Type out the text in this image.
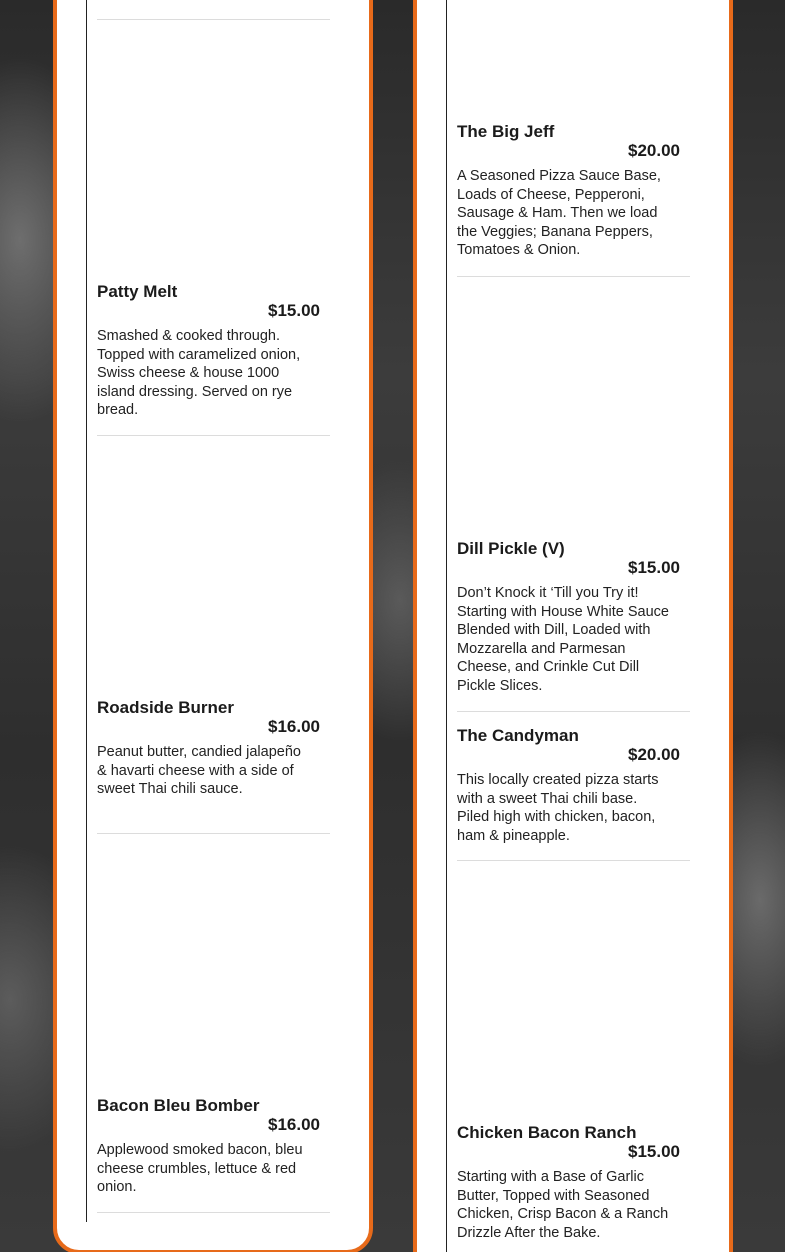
Patty Melt
$15.00
Smashed & cooked through. Topped with caramelized onion, Swiss cheese & house 1000 island dressing. Served on rye bread.
Roadside Burner
$16.00
Peanut butter, candied jalapeño & havarti cheese with a side of sweet Thai chili sauce.
Bacon Bleu Bomber
$16.00
Applewood smoked bacon, bleu cheese crumbles, lettuce & red onion.
The Big Jeff
$20.00
A Seasoned Pizza Sauce Base, Loads of Cheese, Pepperoni, Sausage & Ham. Then we load the Veggies; Banana Peppers, Tomatoes & Onion.
Dill Pickle (V)
$15.00
Don’t Knock it ‘Till you Try it! Starting with House White Sauce Blended with Dill, Loaded with Mozzarella and Parmesan Cheese, and Crinkle Cut Dill Pickle Slices.
The Candyman
$20.00
This locally created pizza starts with a sweet Thai chili base. Piled high with chicken, bacon, ham & pineapple.
Chicken Bacon Ranch
$15.00
Starting with a Base of Garlic Butter, Topped with Seasoned Chicken, Crisp Bacon & a Ranch Drizzle After the Bake.
